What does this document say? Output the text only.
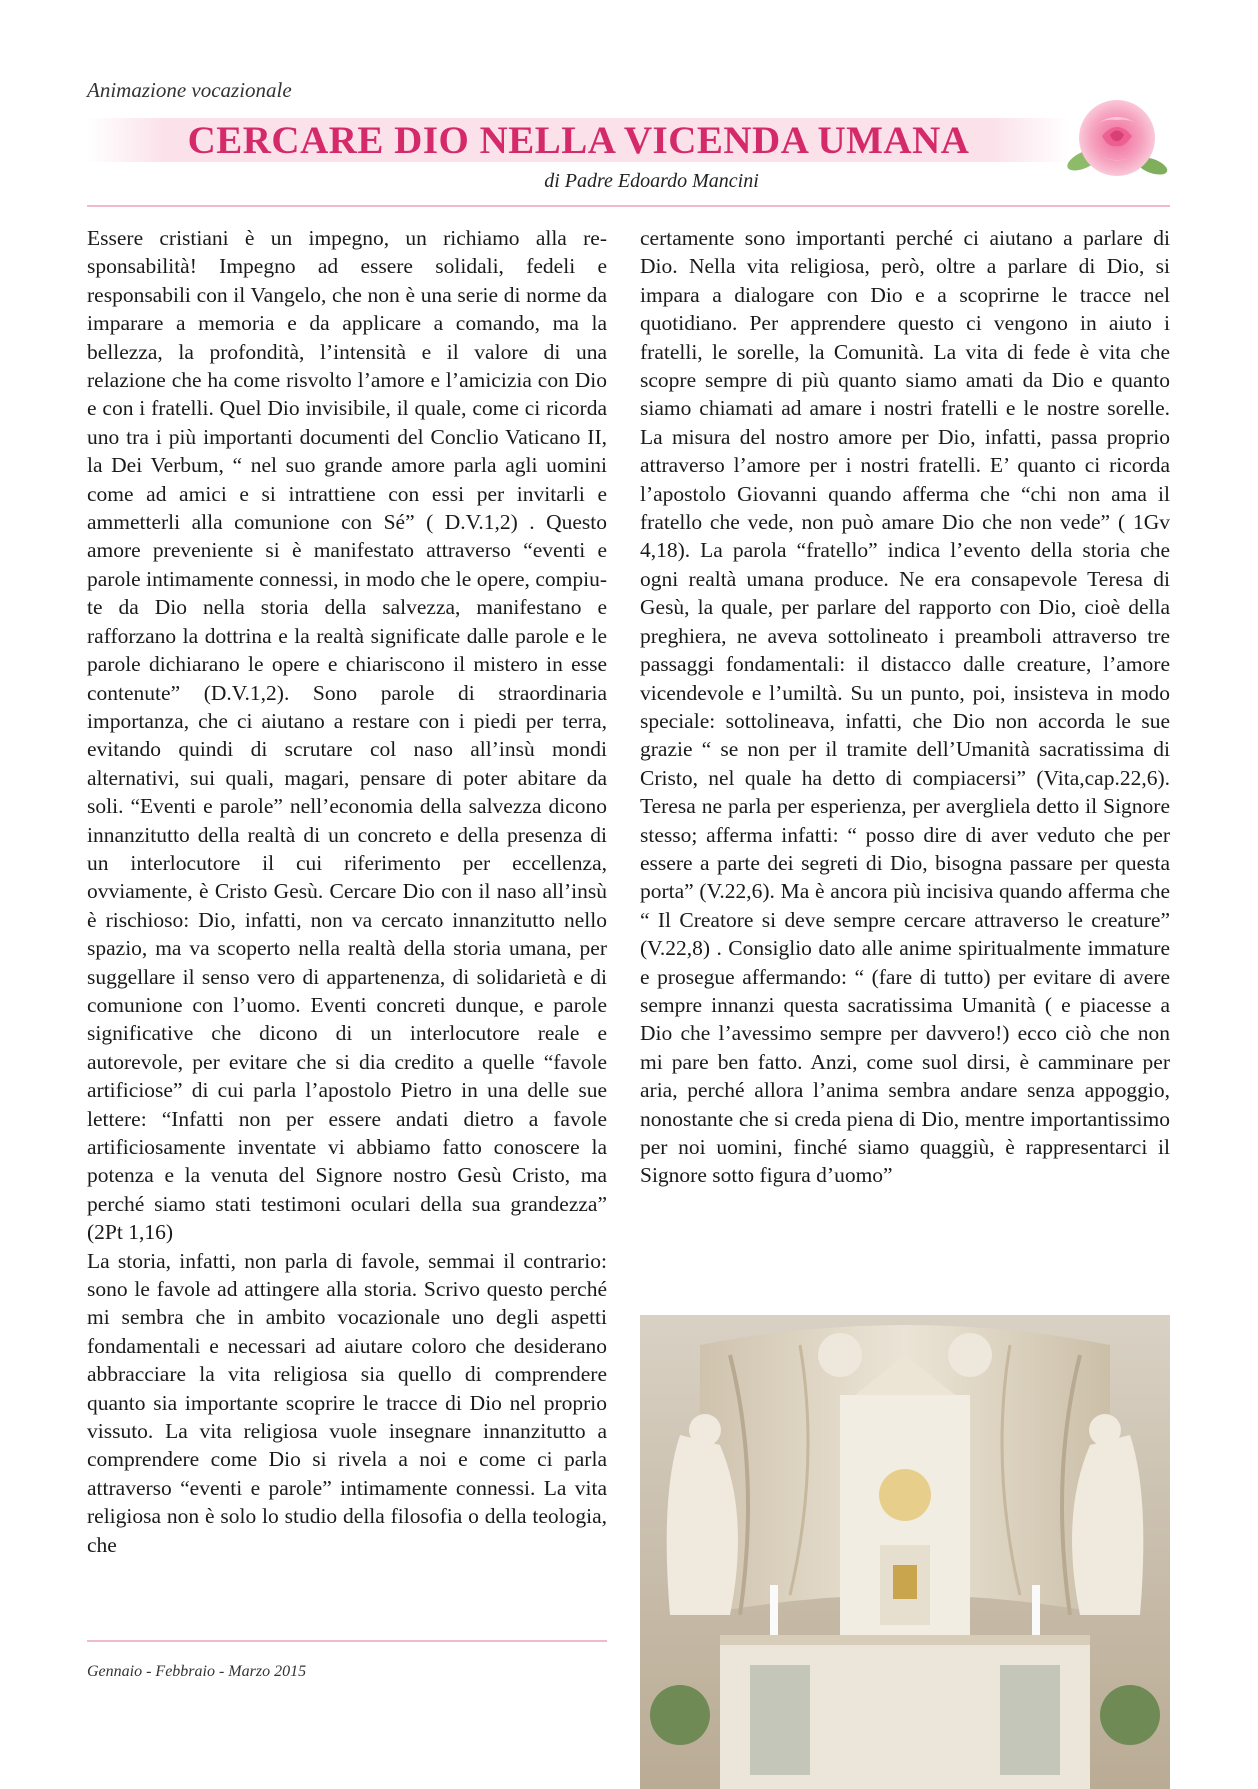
Animazione vocazionale
CERCARE DIO NELLA VICENDA UMANA
di Padre Edoardo Mancini

Essere cristiani è un impegno, un richiamo alla responsabilità! Impegno ad essere solidali, fedeli e responsabili con il Vangelo, che non è una serie di norme da imparare a memoria e da applicare a comando, ma la bellezza, la profondità, l’intensità e il valore di una relazione che ha come risvolto l’amore e l’amicizia con Dio e con i fratelli. Quel Dio invisibile, il quale, come ci ricorda uno tra i più importanti documenti del Conclio Vaticano II, la Dei Verbum, “ nel suo grande amore parla agli uomini come ad amici e si intrattiene con essi per invitarli e ammetterli alla comunione con Sé” ( D.V.1,2) . Questo amore preveniente si è manifestato attraverso “eventi e parole intimamente connessi, in modo che le opere, compiute da Dio nella storia della salvezza, manifestano e rafforzano la dottrina e la realtà significate dalle parole e le parole dichiarano le opere e chiariscono il mistero in esse contenute” (D.V.1,2). Sono parole di straordinaria importanza, che ci aiutano a restare con i piedi per terra, evitando quindi di scrutare col naso all’insù mondi alternativi, sui quali, magari, pensare di poter abitare da soli. “Eventi e parole” nell’economia della salvezza dicono innanzitutto della realtà di un concreto e della presenza di un interlocutore il cui riferimento per eccellenza, ovviamente, è Cristo Gesù. Cercare Dio con il naso all’insù è rischioso: Dio, infatti, non va cercato innanzitutto nello spazio, ma va scoperto nella realtà della storia umana, per suggellare il senso vero di appartenenza, di solidarietà e di comunione con l’uomo. Eventi concreti dunque, e parole significative che dicono di un interlocutore reale e autorevole, per evitare che si dia credito a quelle “favole artificiose” di cui parla l’apostolo Pietro in una delle sue lettere: “Infatti non per essere andati dietro a favole artificiosamente inventate vi abbiamo fatto conoscere la potenza e la venuta del Signore nostro Gesù Cristo, ma perché siamo stati testimoni oculari della sua grandezza” (2Pt 1,16)

La storia, infatti, non parla di favole, semmai il contrario: sono le favole ad attingere alla storia. Scrivo questo perché mi sembra che in ambito vocazionale uno degli aspetti fondamentali e necessari ad aiutare coloro che desiderano abbracciare la vita religiosa sia quello di comprendere quanto sia importante scoprire le tracce di Dio nel proprio vissuto. La vita religiosa vuole insegnare innanzitutto a comprendere come Dio si rivela a noi e come ci parla attraverso “eventi e parole” intimamente connessi. La vita religiosa non è solo lo studio della filosofia o della teologia, che

certamente sono importanti perché ci aiutano a parlare di Dio. Nella vita religiosa, però, oltre a parlare di Dio, si impara a dialogare con Dio e a scoprirne le tracce nel quotidiano. Per apprendere questo ci vengono in aiuto i fratelli, le sorelle, la Comunità. La vita di fede è vita che scopre sempre di più quanto siamo amati da Dio e quanto siamo chiamati ad amare i nostri fratelli e le nostre sorelle. La misura del nostro amore per Dio, infatti, passa proprio attraverso l’amore per i nostri fratelli. E’ quanto ci ricorda l’apostolo Giovanni quando afferma che “chi non ama il fratello che vede, non può amare Dio che non vede” ( 1Gv 4,18). La parola “fratello” indica l’evento della storia che ogni realtà umana produce. Ne era consapevole Teresa di Gesù, la quale, per parlare del rapporto con Dio, cioè della preghiera, ne aveva sottolineato i preamboli attraverso tre passaggi fondamentali: il distacco dalle creature, l’amore vicendevole e l’umiltà. Su un punto, poi, insisteva in modo speciale: sottolineava, infatti, che Dio non accorda le sue grazie “ se non per il tramite dell’Umanità sacratissima di Cristo, nel quale ha detto di compiacersi” (Vita,cap.22,6). Teresa ne parla per esperienza, per avergliela detto il Signore stesso; afferma infatti: “ posso dire di aver veduto che per essere a parte dei segreti di Dio, bisogna passare per questa porta” (V.22,6). Ma è ancora più incisiva quando afferma che “ Il Creatore si deve sempre cercare attraverso le creature” (V.22,8) . Consiglio dato alle anime spiritualmente immature e prosegue affermando: “ (fare di tutto) per evitare di avere sempre innanzi questa sacratissima Umanità ( e piacesse a Dio che l’avessimo sempre per davvero!) ecco ciò che non mi pare ben fatto. Anzi, come suol dirsi, è camminare per aria, perché allora l’anima sembra andare senza appoggio, nonostante che si creda piena di Dio, mentre importantissimo per noi uomini, finché siamo quaggiù, è rappresentarci il Signore sotto figura d’uomo”

Gennaio - Febbraio - Marzo 2015
